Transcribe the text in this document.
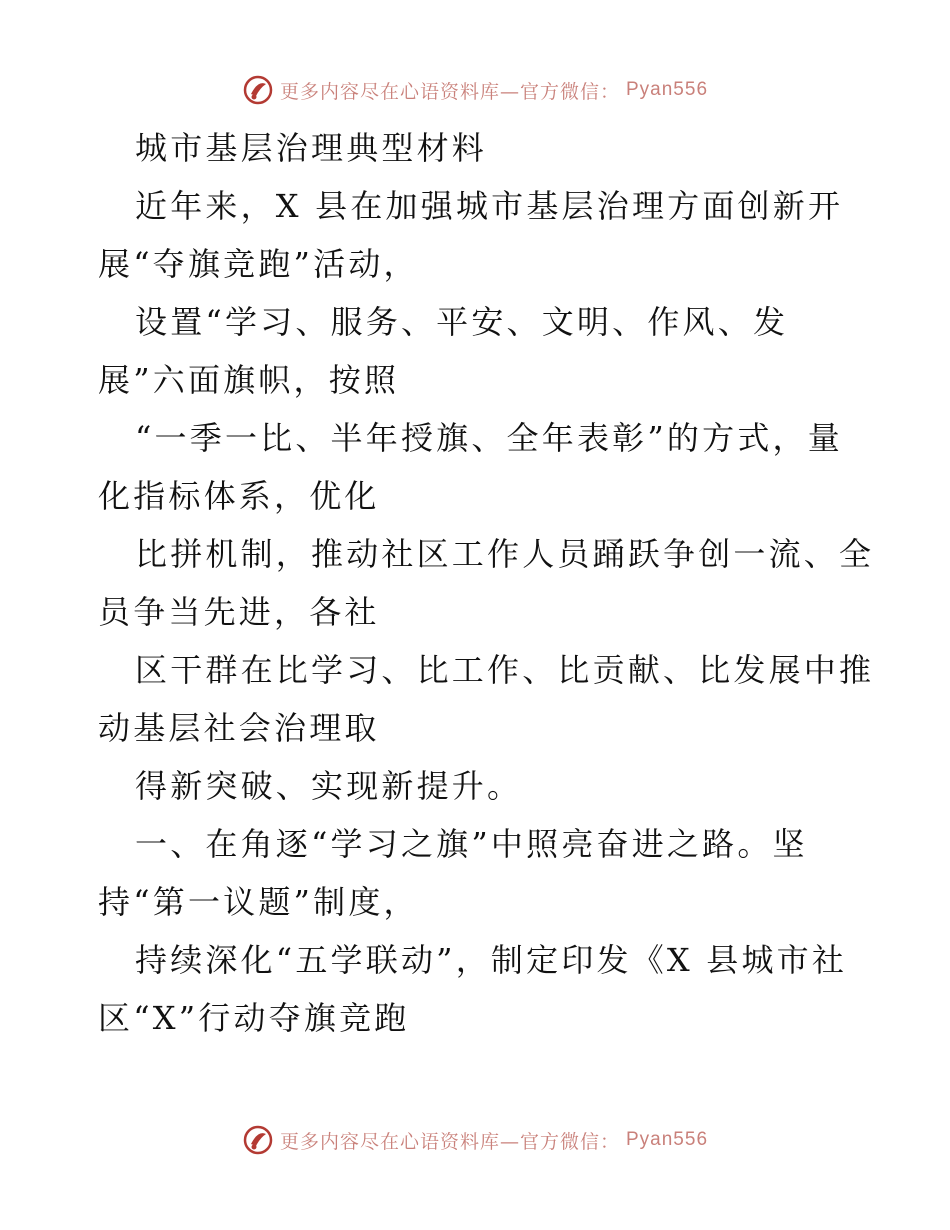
更多内容尽在心语资料库—官方微信： Pyan556
城市基层治理典型材料
近年来，X 县在加强城市基层治理方面创新开
展“夺旗竞跑”活动，
设置“学习、服务、平安、文明、作风、发
展”六面旗帜，按照
“一季一比、半年授旗、全年表彰”的方式，量
化指标体系，优化
比拼机制，推动社区工作人员踊跃争创一流、全
员争当先进，各社
区干群在比学习、比工作、比贡献、比发展中推
动基层社会治理取
得新突破、实现新提升。
一、在角逐“学习之旗”中照亮奋进之路。坚
持“第一议题”制度，
持续深化“五学联动”，制定印发《X 县城市社
区“X”行动夺旗竞跑
更多内容尽在心语资料库—官方微信： Pyan556
